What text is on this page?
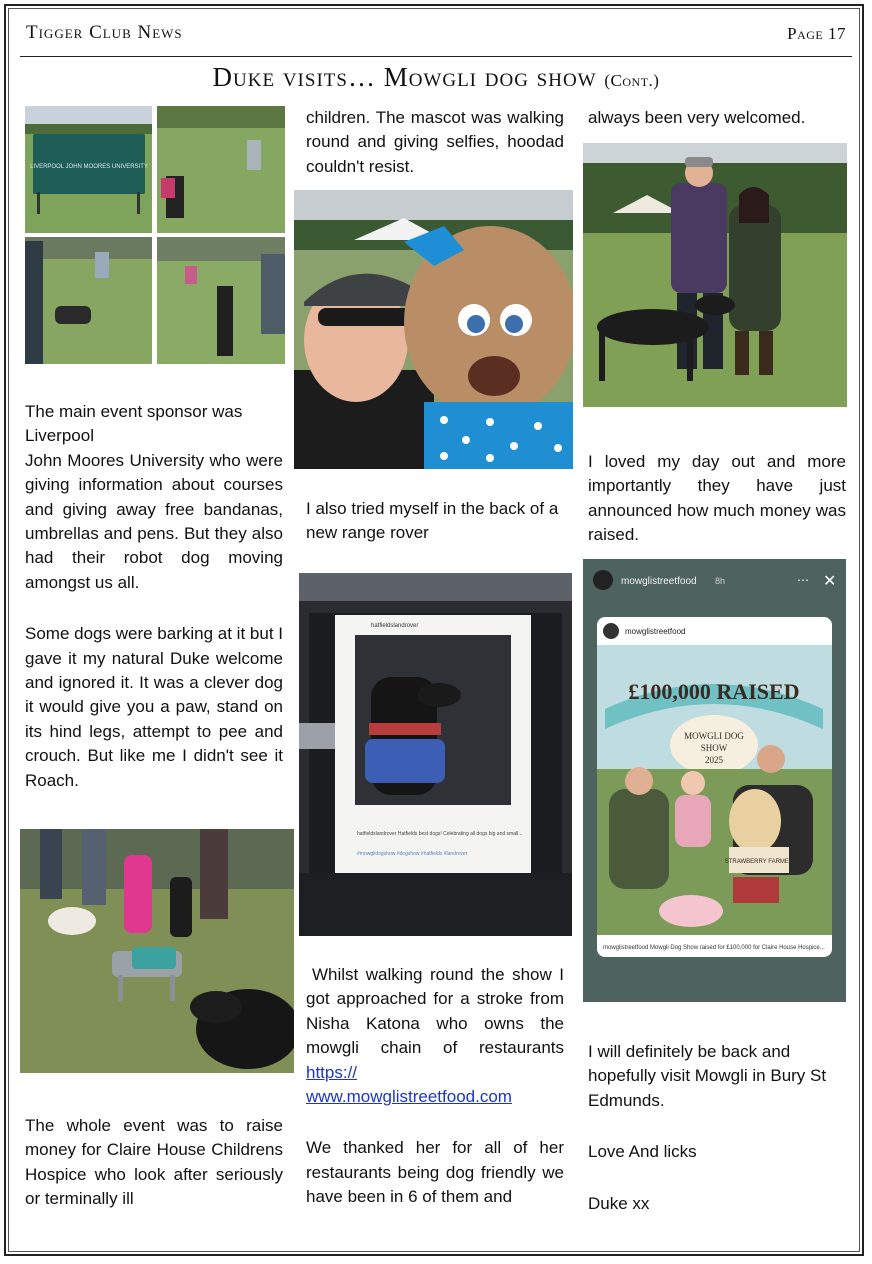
Tigger Club News	Page 17
Duke visits… Mowgli dog show (Cont.)
LIVERPOOL JOHN MOORES UNIVERSITY

The main event sponsor was Liverpool

John Moores University who were giving information about courses and giving away free bandanas, umbrellas and pens. But they also had their robot dog moving amongst us all.

Some dogs were barking at it but I gave it my natural Duke welcome and ignored it. It was a clever dog it would give you a paw, stand on its hind legs, attempt to pee and crouch. But like me I didn't see it Roach.

The whole event was to raise money for Claire House Childrens Hospice who look after seriously or terminally ill

children. The mascot was walking round and giving selfies, hoodad couldn't resist.

I also tried myself in the back of a new range rover

hatfieldslandrover
hatfieldslandrover Hatfields best dogs! Celebrating all dogs big and small...
#mowglidogshow #dogshow #hatfields #landrover

Whilst walking round the show I got approached for a stroke from Nisha Katona who owns the mowgli chain of restaurants https:// www.mowglistreetfood.com

We thanked her for all of her restaurants being dog friendly we have been in 6 of them and

always been very welcomed.

I loved my day out and more importantly they have just announced how much money was raised.

mowglistreetfood 8h	⋯ ✕
mowglistreetfood
£100,000 RAISED
MOWGLI DOG
SHOW
2025
STRAWBERRY FARMER
mowglistreetfood Mowgli Dog Show raised for £100,000 for Claire House Hospice...

I will definitely be back and hopefully visit Mowgli in Bury St Edmunds.

Love And licks

Duke xx
